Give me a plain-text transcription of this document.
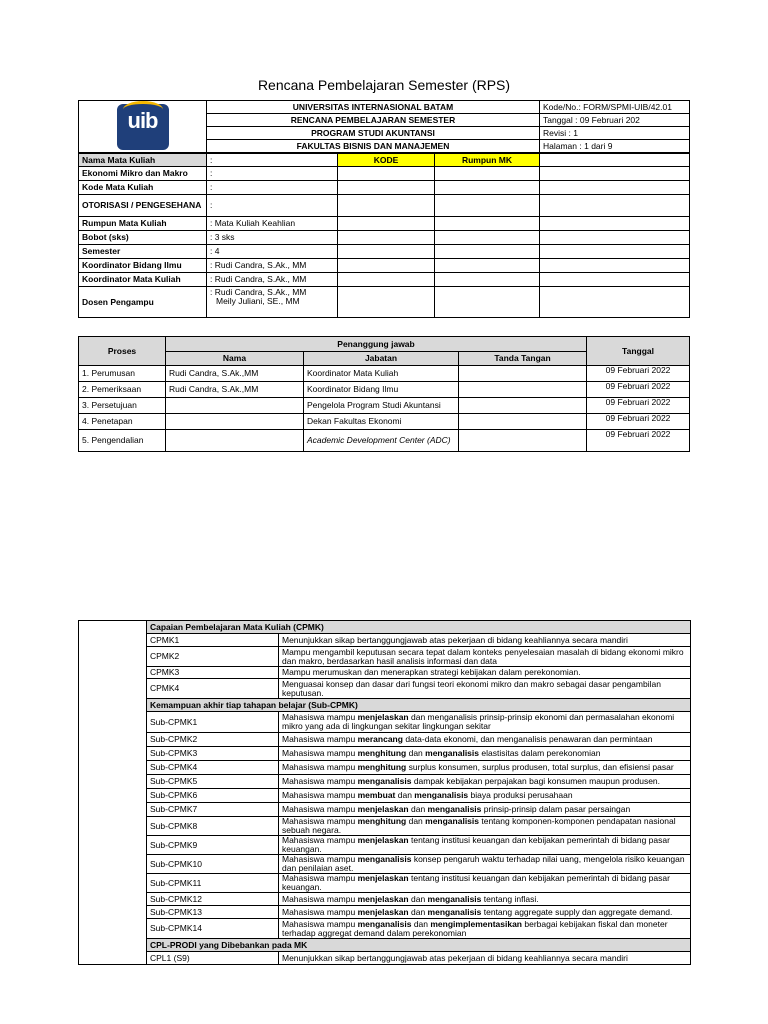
Rencana Pembelajaran Semester (RPS)
uib	UNIVERSITAS INTERNASIONAL BATAM	Kode/No.: FORM/SPMI-UIB/42.01
	RENCANA PEMBELAJARAN SEMESTER	Tanggal : 09 Februari 202
	PROGRAM STUDI AKUNTANSI	Revisi : 1
	FAKULTAS BISNIS DAN MANAJEMEN	Halaman : 1 dari 9
Nama Mata Kuliah	:	KODE	Rumpun MK	
Ekonomi Mikro dan Makro	:			
Kode Mata Kuliah	:			
OTORISASI / PENGESEHANA	:			
Rumpun Mata Kuliah	: Mata Kuliah Keahlian			
Bobot (sks)	: 3 sks			
Semester	: 4			
Koordinator Bidang Ilmu	: Rudi Candra, S.Ak., MM			
Koordinator Mata Kuliah	: Rudi Candra, S.Ak., MM			
Dosen Pengampu	: Rudi Candra, S.Ak., MM
Meily Juliani, SE., MM			

Proses	Penanggung jawab			Tanggal
	Nama	Jabatan	Tanda Tangan	
1. Perumusan	Rudi Candra, S.Ak.,MM	Koordinator Mata Kuliah		09 Februari 2022
2. Pemeriksaan	Rudi Candra, S.Ak.,MM	Koordinator Bidang Ilmu		09 Februari 2022
3. Persetujuan		Pengelola Program Studi Akuntansi		09 Februari 2022
4. Penetapan		Dekan Fakultas Ekonomi		09 Februari 2022
5. Pengendalian		Academic Development Center (ADC)		09 Februari 2022
	Capaian Pembelajaran Mata Kuliah (CPMK)	
	CPMK1	Menunjukkan sikap bertanggungjawab atas pekerjaan di bidang keahliannya secara mandiri
	CPMK2	Mampu mengambil keputusan secara tepat dalam konteks penyelesaian masalah di bidang ekonomi mikro dan makro, berdasarkan hasil analisis informasi dan data
	CPMK3	Mampu merumuskan dan menerapkan strategi kebijakan dalam perekonomian.
	CPMK4	Menguasai konsep dan dasar dari fungsi teori ekonomi mikro dan makro sebagai dasar pengambilan keputusan.
	Kemampuan akhir tiap tahapan belajar (Sub-CPMK)	
	Sub-CPMK1	Mahasiswa mampu menjelaskan dan menganalisis prinsip-prinsip ekonomi dan permasalahan ekonomi mikro yang ada di lingkungan sekitar lingkungan sekitar
	Sub-CPMK2	Mahasiswa mampu merancang data-data ekonomi, dan menganalisis penawaran dan permintaan
	Sub-CPMK3	Mahasiswa mampu menghitung dan menganalisis elastisitas dalam perekonomian
	Sub-CPMK4	Mahasiswa mampu menghitung surplus konsumen, surplus produsen, total surplus, dan efisiensi pasar
	Sub-CPMK5	Mahasiswa mampu menganalisis dampak kebijakan perpajakan bagi konsumen maupun produsen.
	Sub-CPMK6	Mahasiswa mampu membuat dan menganalisis biaya produksi perusahaan
	Sub-CPMK7	Mahasiswa mampu menjelaskan dan menganalisis prinsip-prinsip dalam pasar persaingan
	Sub-CPMK8	Mahasiswa mampu menghitung dan menganalisis tentang komponen-komponen pendapatan nasional sebuah negara.
	Sub-CPMK9	Mahasiswa mampu menjelaskan tentang institusi keuangan dan kebijakan pemerintah di bidang pasar keuangan.
	Sub-CPMK10	Mahasiswa mampu menganalisis konsep pengaruh waktu terhadap nilai uang, mengelola risiko keuangan dan penilaian aset.
	Sub-CPMK11	Mahasiswa mampu menjelaskan tentang institusi keuangan dan kebijakan pemerintah di bidang pasar keuangan.
	Sub-CPMK12	Mahasiswa mampu menjelaskan dan menganalisis tentang inflasi.
	Sub-CPMK13	Mahasiswa mampu menjelaskan dan menganalisis tentang aggregate supply dan aggregate demand.
	Sub-CPMK14	Mahasiswa mampu menganalisis dan mengimplementasikan berbagai kebijakan fiskal dan moneter terhadap aggregat demand dalam perekonomian
	CPL-PRODI yang Dibebankan pada MK	
	CPL1 (S9)	Menunjukkan sikap bertanggungjawab atas pekerjaan di bidang keahliannya secara mandiri
